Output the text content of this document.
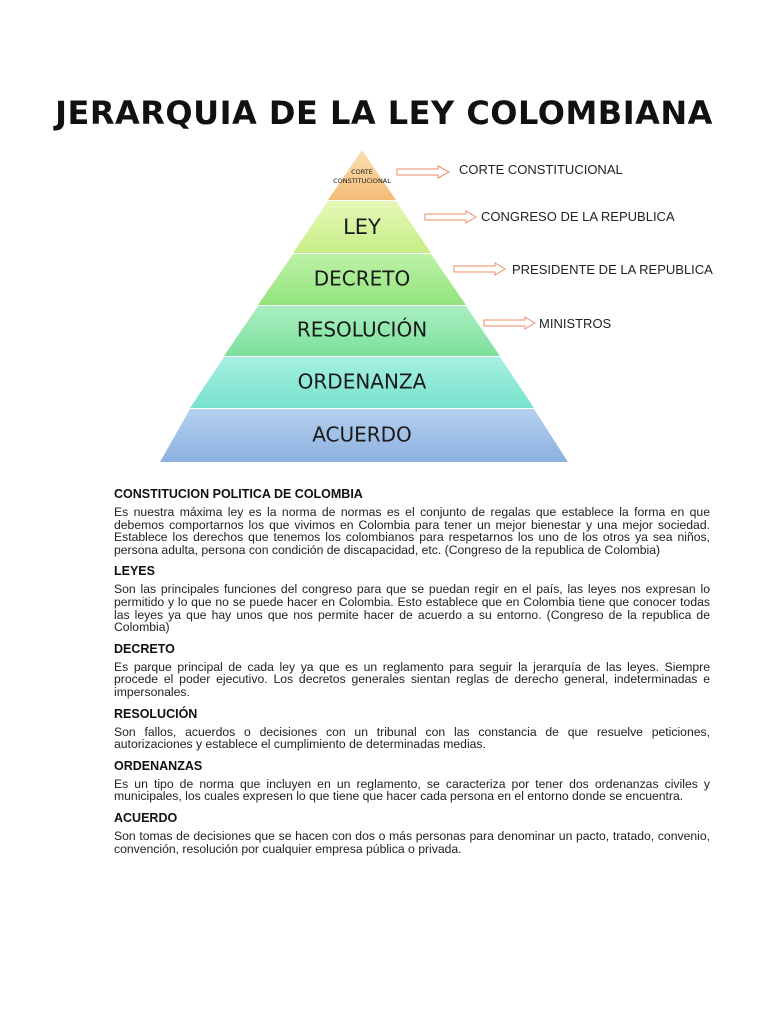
JERARQUIA DE LA LEY COLOMBIANA
CORTE
CONSTITUCIONAL
LEY
DECRETO
RESOLUCIÓN
ORDENANZA
ACUERDO
CORTE CONSTITUCIONAL
CONGRESO DE LA REPUBLICA
PRESIDENTE DE LA REPUBLICA
MINISTROS
CONSTITUCION POLITICA DE COLOMBIA
Es nuestra máxima ley es la norma de normas es el conjunto de regalas que establece la forma en que debemos comportarnos los que vivimos en Colombia para tener un mejor bienestar y una mejor sociedad. Establece los derechos que tenemos los colombianos para respetarnos los uno de los otros ya sea niños, persona adulta, persona con condición de discapacidad, etc. (Congreso de la republica de Colombia)
LEYES
Son las principales funciones del congreso para que se puedan regir en el país, las leyes nos expresan lo permitido y lo que no se puede hacer en Colombia. Esto establece que en Colombia tiene que conocer todas las leyes ya que hay unos que nos permite hacer de acuerdo a su entorno. (Congreso de la republica de Colombia)
DECRETO
Es parque principal de cada ley ya que es un reglamento para seguir la jerarquía de las leyes. Siempre procede el poder ejecutivo. Los decretos generales sientan reglas de derecho general, indeterminadas e impersonales.
RESOLUCIÓN
Son fallos, acuerdos o decisiones con un tribunal con las constancia de que resuelve peticiones, autorizaciones y establece el cumplimiento de determinadas medias.
ORDENANZAS
Es un tipo de norma que incluyen en un reglamento, se caracteriza por tener dos ordenanzas civiles y municipales, los cuales expresen lo que tiene que hacer cada persona en el entorno donde se encuentra.
ACUERDO
Son tomas de decisiones que se hacen con dos o más personas para denominar un pacto, tratado, convenio, convención, resolución por cualquier empresa pública o privada.
